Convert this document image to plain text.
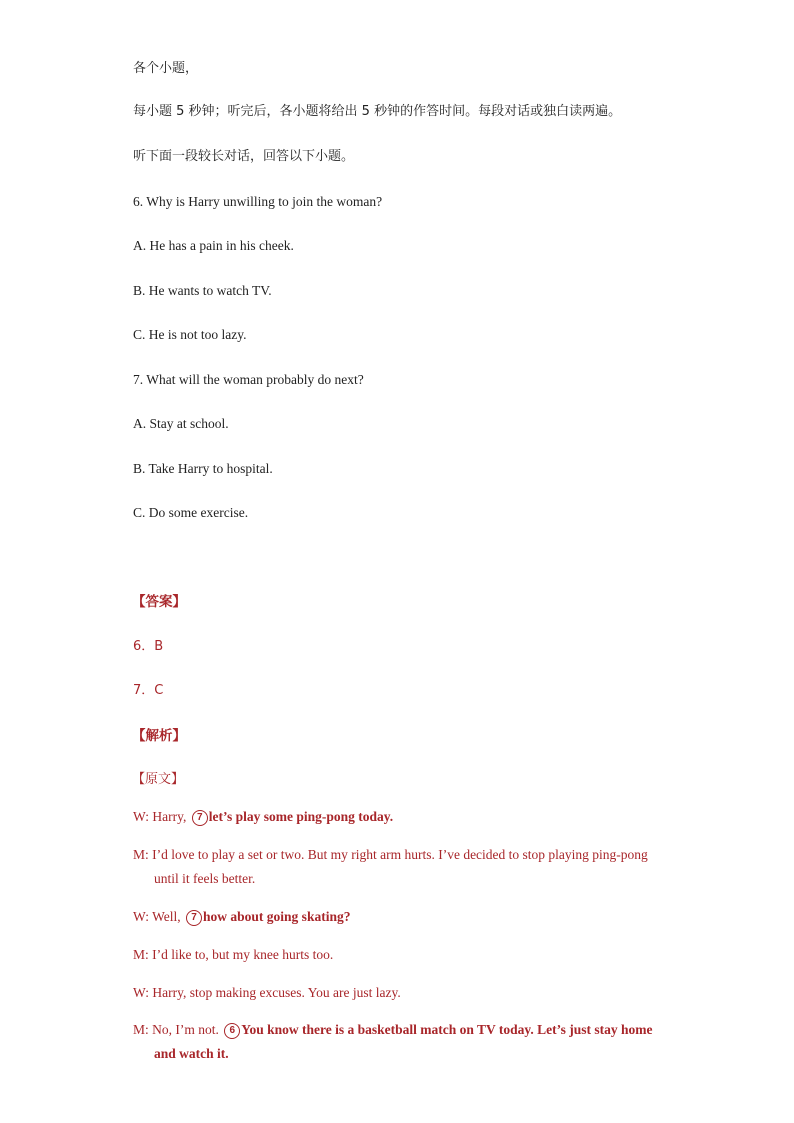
各个小题，
每小题 5 秒钟；听完后，各小题将给出 5 秒钟的作答时间。每段对话或独白读两遍。
听下面一段较长对话，回答以下小题。
6. Why is Harry unwilling to join the woman?
A. He has a pain in his cheek.
B. He wants to watch TV.
C. He is not too lazy.
7. What will the woman probably do next?
A. Stay at school.
B. Take Harry to hospital.
C. Do some exercise.
【答案】
6．B
7．C
【解析】
【原文】
W: Harry, 7 let’s play some ping-pong today.
M: I’d love to play a set or two. But my right arm hurts. I’ve decided to stop playing ping-pong
until it feels better.
W: Well, 7 how about going skating?
M: I’d like to, but my knee hurts too.
W: Harry, stop making excuses. You are just lazy.
M: No, I’m not. 6 You know there is a basketball match on TV today. Let’s just stay home
and watch it.
